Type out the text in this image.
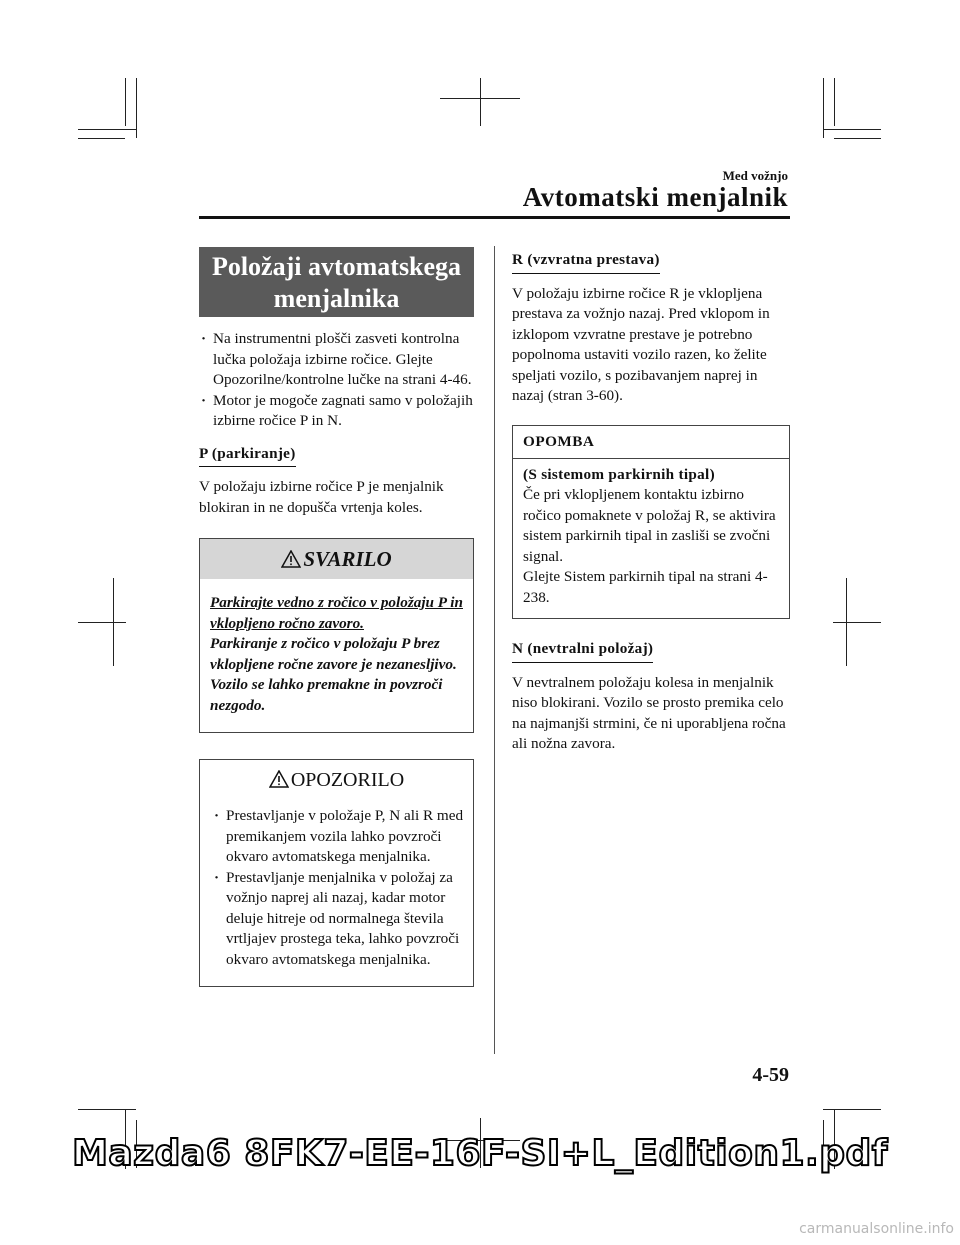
Med vožnjo
Avtomatski menjalnik
Položaji avtomatskega
menjalnika
· Na instrumentni plošči zasveti kontrolna lučka položaja izbirne ročice. Glejte Opozorilne/kontrolne lučke na strani 4-46.
· Motor je mogoče zagnati samo v položajih izbirne ročice P in N.
P (parkiranje)

V položaju izbirne ročice P je menjalnik blokiran in ne dopušča vrtenja koles.

SVARILO
Parkirajte vedno z ročico v položaju P in vklopljeno ročno zavoro.
Parkiranje z ročico v položaju P brez vklopljene ročne zavore je nezanesljivo. Vozilo se lahko premakne in povzroči nezgodo.
OPOZORILO
· Prestavljanje v položaje P, N ali R med premikanjem vozila lahko povzroči okvaro avtomatskega menjalnika.
· Prestavljanje menjalnika v položaj za vožnjo naprej ali nazaj, kadar motor deluje hitreje od normalnega števila vrtljajev prostega teka, lahko povzroči okvaro avtomatskega menjalnika.
R (vzvratna prestava)

V položaju izbirne ročice R je vklopljena prestava za vožnjo nazaj. Pred vklopom in izklopom vzvratne prestave je potrebno popolnoma ustaviti vozilo razen, ko želite speljati vozilo, s pozibavanjem naprej in nazaj (stran 3-60).

OPOMBA
(S sistemom parkirnih tipal)
Če pri vklopljenem kontaktu izbirno ročico pomaknete v položaj R, se aktivira sistem parkirnih tipal in zasliši se zvočni signal.
Glejte Sistem parkirnih tipal na strani 4-238.
N (nevtralni položaj)

V nevtralnem položaju kolesa in menjalnik niso blokirani. Vozilo se prosto premika celo na najmanjši strmini, če ni uporabljena ročna ali nožna zavora.

4-59
Mazda6 8FK7-EE-16F-SI+L_Edition1.pdf
carmanualsonline.info
